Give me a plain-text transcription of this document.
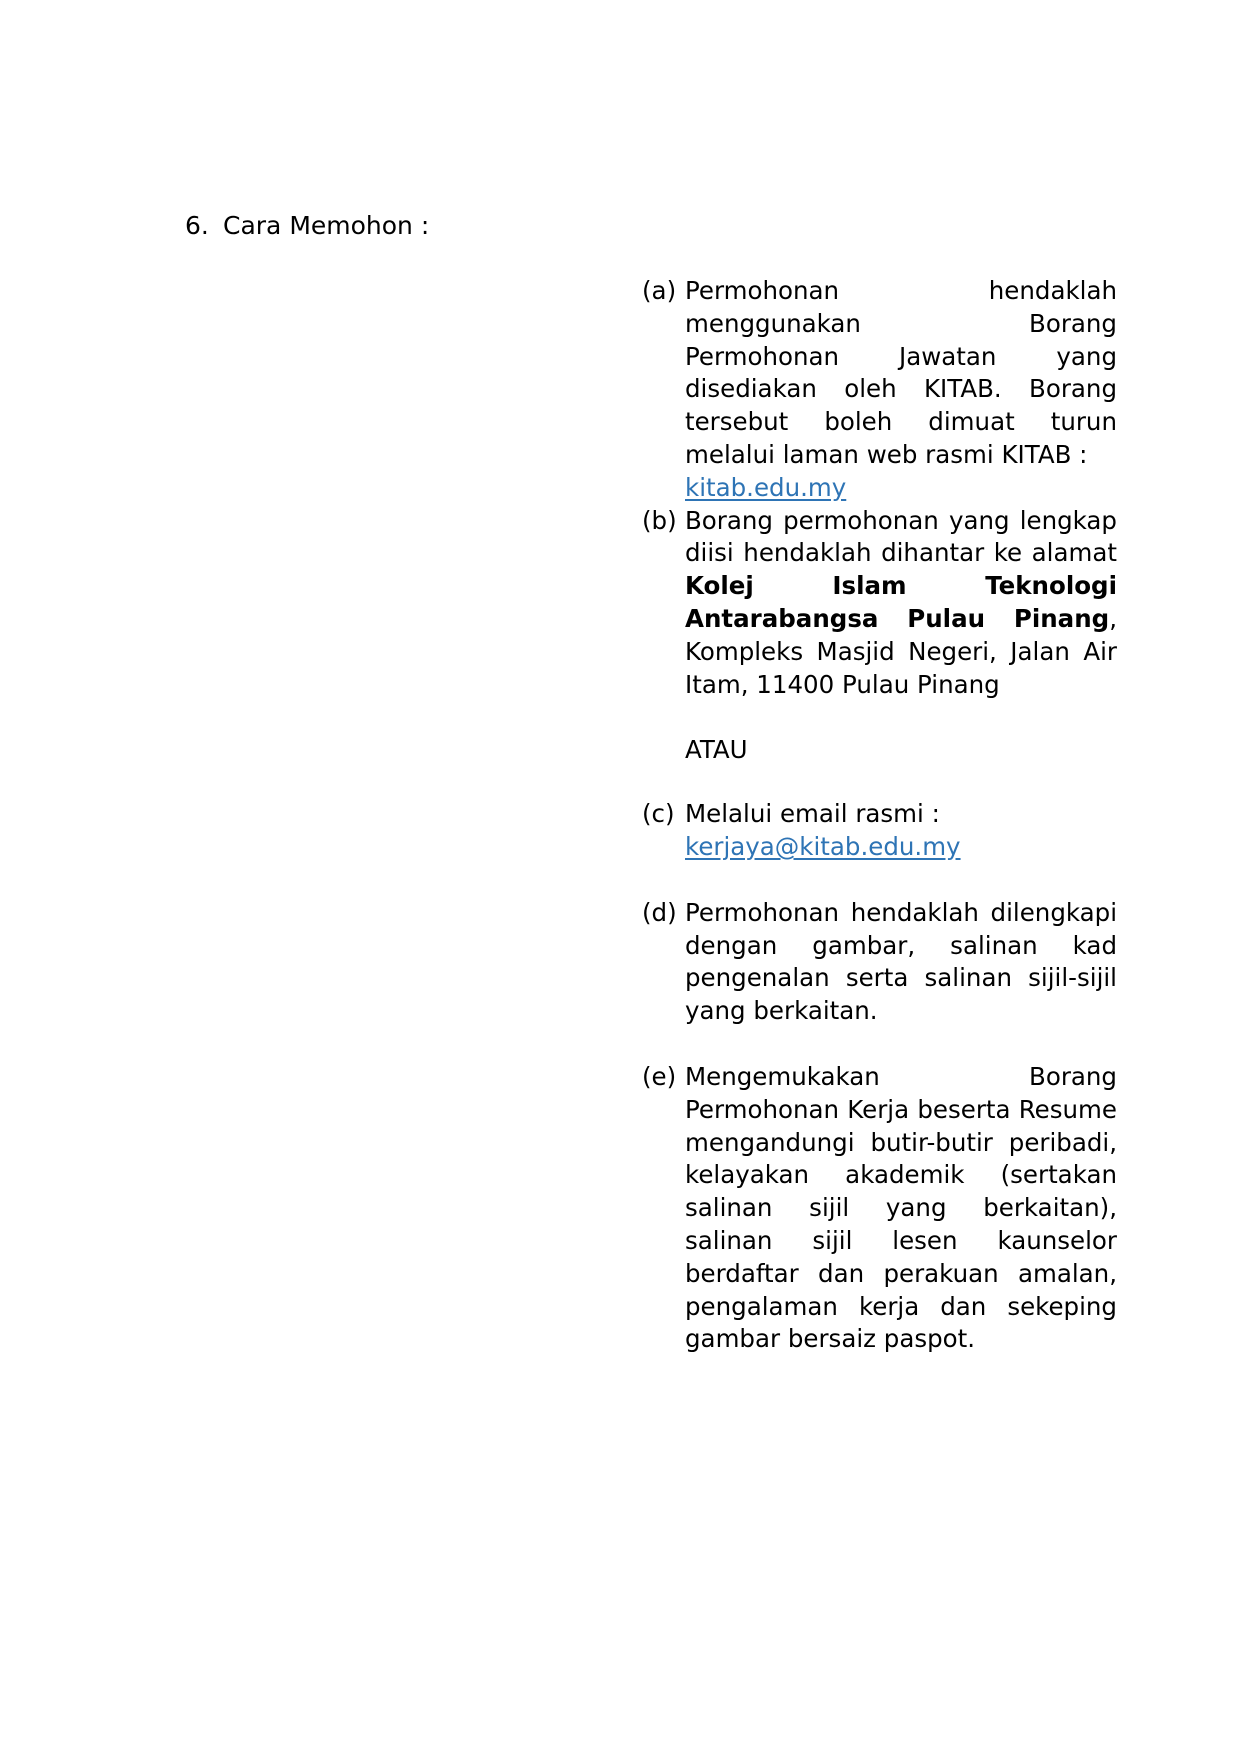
6. Cara Memohon :
(a) Permohonan hendaklah menggunakan Borang Permohonan Jawatan yang disediakan oleh KITAB. Borang tersebut boleh dimuat turun melalui laman web rasmi KITAB :
kitab.edu.my
(b) Borang permohonan yang lengkap diisi hendaklah dihantar ke alamat Kolej Islam Teknologi Antarabangsa Pulau Pinang, Kompleks Masjid Negeri, Jalan Air Itam, 11400 Pulau Pinang
ATAU
(c) Melalui email rasmi :
kerjaya@kitab.edu.my
(d) Permohonan hendaklah dilengkapi dengan gambar, salinan kad pengenalan serta salinan sijil-sijil yang berkaitan.
(e) Mengemukakan Borang Permohonan Kerja beserta Resume mengandungi butir-butir peribadi, kelayakan akademik (sertakan salinan sijil yang berkaitan), salinan sijil lesen kaunselor berdaftar dan perakuan amalan, pengalaman kerja dan sekeping gambar bersaiz paspot.
